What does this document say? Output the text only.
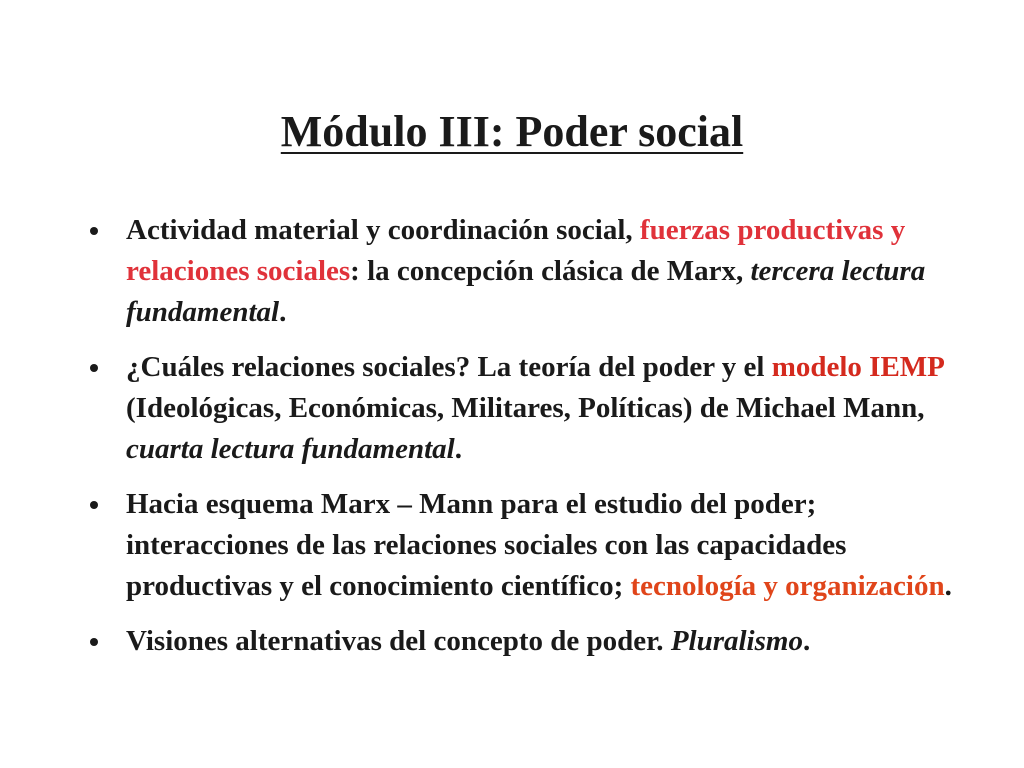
Módulo III: Poder social
Actividad material y coordinación social, fuerzas productivas y relaciones sociales: la concepción clásica de Marx, tercera lectura fundamental.
¿Cuáles relaciones sociales? La teoría del poder y el modelo IEMP (Ideológicas, Económicas, Militares, Políticas) de Michael Mann, cuarta lectura fundamental.
Hacia esquema Marx – Mann para el estudio del poder; interacciones de las relaciones sociales con las capacidades productivas y el conocimiento científico; tecnología y organización.
Visiones alternativas del concepto de poder. Pluralismo.
